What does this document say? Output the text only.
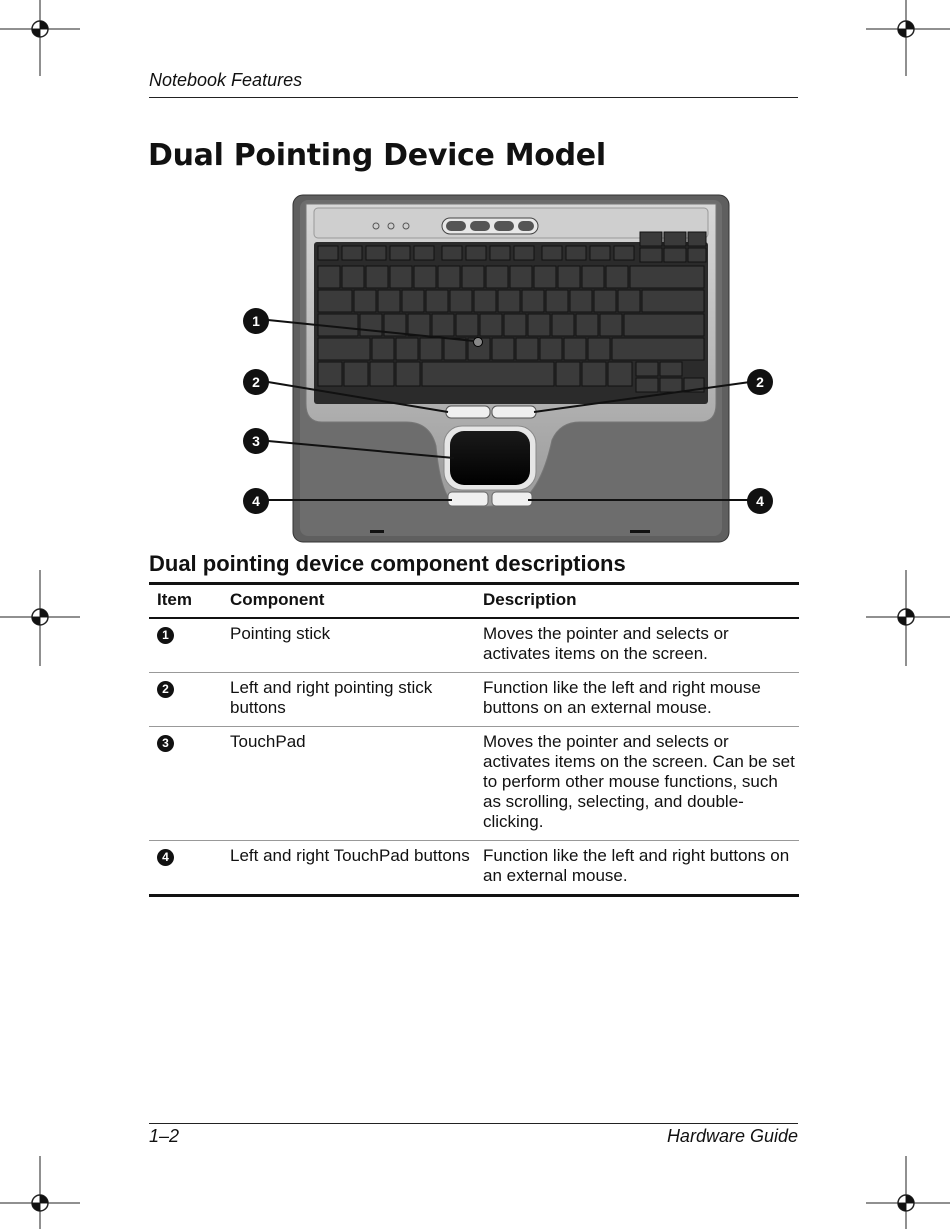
Notebook Features
Dual Pointing Device Model
1
2	2
3
4	4
Dual pointing device component descriptions
Item	Component	Description
1	Pointing stick	Moves the pointer and selects or activates items on the screen.
2	Left and right pointing stick buttons	Function like the left and right mouse buttons on an external mouse.
3	TouchPad	Moves the pointer and selects or activates items on the screen. Can be set to perform other mouse functions, such as scrolling, selecting, and double-clicking.
4	Left and right TouchPad buttons	Function like the left and right buttons on an external mouse.
1–2	Hardware Guide
